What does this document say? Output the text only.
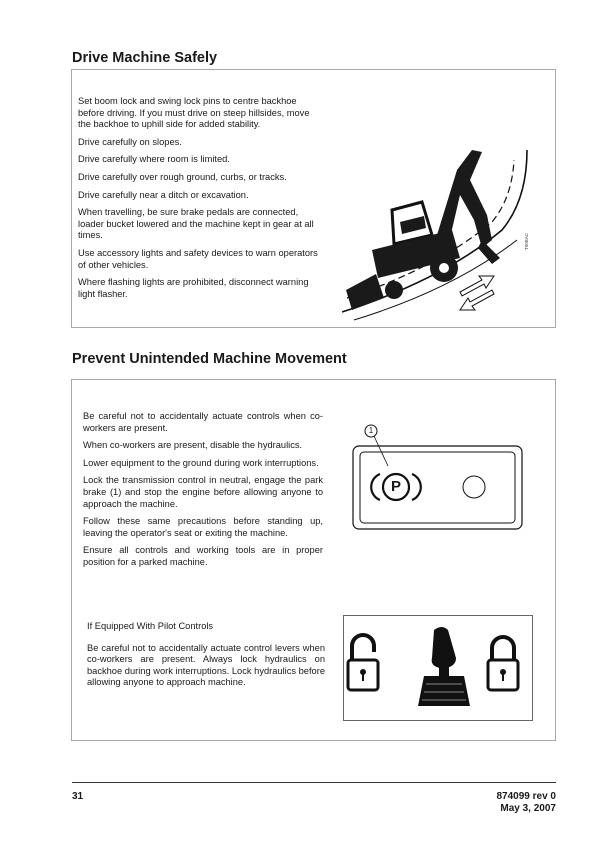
Drive Machine Safely

Set boom lock and swing lock pins to centre backhoe before driving. If you must drive on steep hillsides, move the backhoe to uphill side for added stability.

Drive carefully on slopes.

Drive carefully where room is limited.

Drive carefully over rough ground, curbs, or tracks.

Drive carefully near a ditch or excavation.

When travelling, be sure brake pedals are connected, loader bucket lowered and the machine kept in gear at all times.

Use accessory lights and safety devices to warn operators of other vehicles.

Where flashing lights are prohibited, disconnect warning light flasher.

T00BAC
Prevent Unintended Machine Movement

Be careful not to accidentally actuate controls when co-workers are present.

When co-workers are present, disable the hydraulics.

Lower equipment to the ground during work interruptions.

Lock the transmission control in neutral, engage the park brake (1) and stop the engine before allowing anyone to approach the machine.

Follow these same precautions before standing up, leaving the operator's seat or exiting the machine.

Ensure all controls and working tools are in proper position for a parked machine.

1
P

If Equipped With Pilot Controls

Be careful not to accidentally actuate control levers when co-workers are present. Always lock hydraulics on backhoe during work interruptions. Lock hydraulics before allowing anyone to approach machine.

31	874099 rev 0
May 3, 2007
